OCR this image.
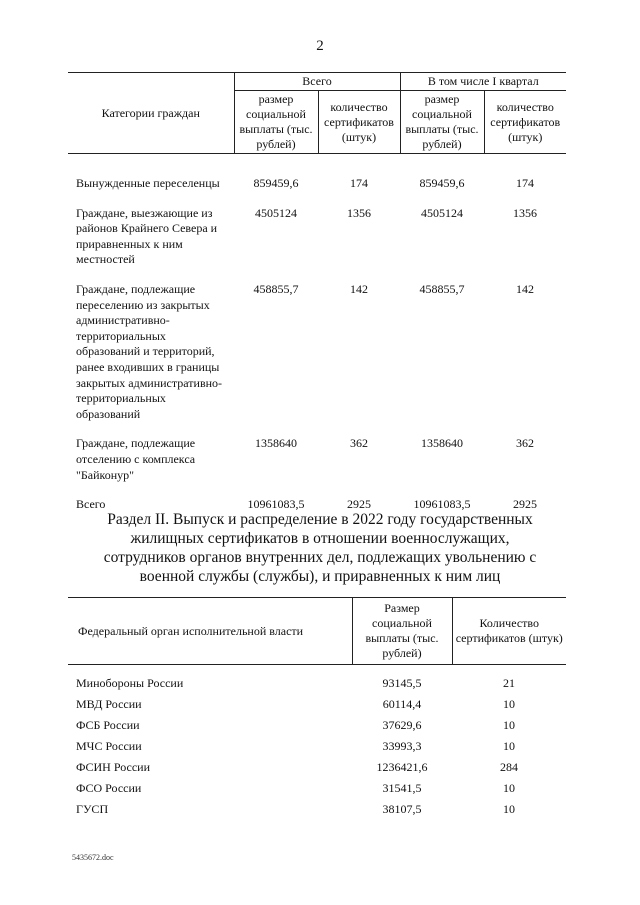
2
Категории граждан	Всего		В том числе I квартал	
	размер социальной выплаты (тыс. рублей)	количество сертификатов (штук)	размер социальной выплаты (тыс. рублей)	количество сертификатов (штук)

Вынужденные переселенцы	859459,6	174	859459,6	174
Граждане, выезжающие из районов Крайнего Севера и приравненных к ним местностей	4505124	1356	4505124	1356
Граждане, подлежащие переселению из закрытых административно-территориальных образований и территорий, ранее входивших в границы закрытых административно-территориальных образований	458855,7	142	458855,7	142
Граждане, подлежащие отселению с комплекса "Байконур"	1358640	362	1358640	362
Всего	10961083,5	2925	10961083,5	2925
Раздел II. Выпуск и распределение в 2022 году государственных жилищных сертификатов в отношении военнослужащих, сотрудников органов внутренних дел, подлежащих увольнению с военной службы (службы), и приравненных к ним лиц
Федеральный орган исполнительной власти	Размер социальной выплаты (тыс. рублей)	Количество сертификатов (штук)

Минобороны России	93145,5	21
МВД России	60114,4	10
ФСБ России	37629,6	10
МЧС России	33993,3	10
ФСИН России	1236421,6	284
ФСО России	31541,5	10
ГУСП	38107,5	10
5435672.doc
